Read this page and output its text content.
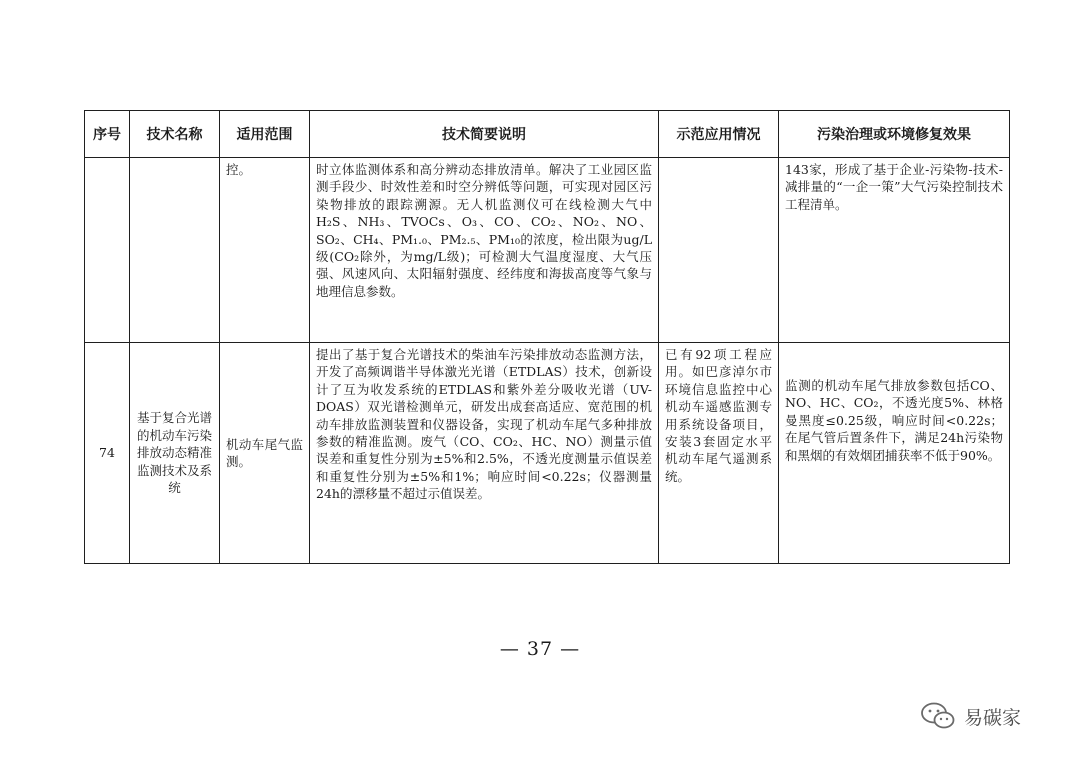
序号	技术名称	适用范围	技术简要说明	示范应用情况	污染治理或环境修复效果

		控。	时立体监测体系和高分辨动态排放清单。解决了工业园区监测手段少、时效性差和时空分辨低等问题，可实现对园区污染物排放的跟踪溯源。无人机监测仪可在线检测大气中H₂S、NH₃、TVOCs、O₃、CO、CO₂、NO₂、NO、SO₂、CH₄、PM₁.₀、PM₂.₅、PM₁₀的浓度，检出限为ug/L级(CO₂除外，为mg/L级)；可检测大气温度湿度、大气压强、风速风向、太阳辐射强度、经纬度和海拔高度等气象与地理信息参数。		143家，形成了基于企业-污染物-技术-减排量的“一企一策”大气污染控制技术工程清单。

74	基于复合光谱的机动车污染排放动态精准监测技术及系统	机动车尾气监测。	提出了基于复合光谱技术的柴油车污染排放动态监测方法，开发了高频调谐半导体激光光谱（ETDLAS）技术，创新设计了互为收发系统的ETDLAS和紫外差分吸收光谱（UV-DOAS）双光谱检测单元，研发出成套高适应、宽范围的机动车排放监测装置和仪器设备，实现了机动车尾气多种排放参数的精准监测。废气（CO、CO₂、HC、NO）测量示值误差和重复性分别为±5%和2.5%，不透光度测量示值误差和重复性分别为±5%和1%；响应时间<0.22s；仪器测量24h的漂移量不超过示值误差。	已有92项工程应用。如巴彦淖尔市环境信息监控中心机动车遥感监测专用系统设备项目，安装3套固定水平机动车尾气遥测系统。	监测的机动车尾气排放参数包括CO、NO、HC、CO₂，不透光度5%、林格曼黑度≤0.25级，响应时间<0.22s；在尾气管后置条件下，满足24h污染物和黑烟的有效烟团捕获率不低于90%。
— 37 —
易碳家
